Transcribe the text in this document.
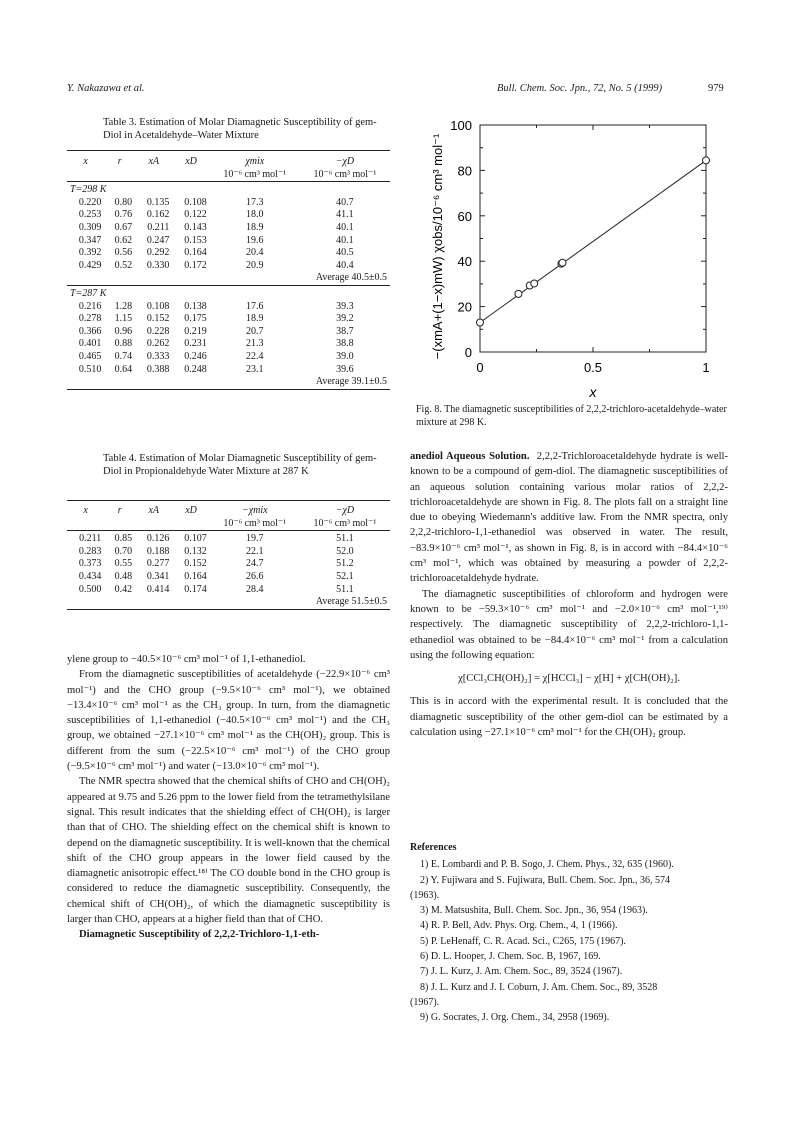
Y. Nakazawa et al.	Bull. Chem. Soc. Jpn., 72, No. 5 (1999)	979
Table 3. Estimation of Molar Diamagnetic Susceptibility of gem-Diol in Acetaldehyde–Water Mixture
x	r	xA	xD	χmix	−χD
				10⁻⁶ cm³ mol⁻¹	10⁻⁶ cm³ mol⁻¹

T=298 K					
0.220	0.80	0.135	0.108	17.3	40.7
0.253	0.76	0.162	0.122	18.0	41.1
0.309	0.67	0.211	0.143	18.9	40.1
0.347	0.62	0.247	0.153	19.6	40.1
0.392	0.56	0.292	0.164	20.4	40.5
0.429	0.52	0.330	0.172	20.9	40.4
Average 40.5±0.5					

T=287 K					
0.216	1.28	0.108	0.138	17.6	39.3
0.278	1.15	0.152	0.175	18.9	39.2
0.366	0.96	0.228	0.219	20.7	38.7
0.401	0.88	0.262	0.231	21.3	38.8
0.465	0.74	0.333	0.246	22.4	39.0
0.510	0.64	0.388	0.248	23.1	39.6
Average 39.1±0.5					

Table 4. Estimation of Molar Diamagnetic Susceptibility of gem-Diol in Propionaldehyde Water Mixture at 287 K
x	r	xA	xD	−χmix	−χD
				10⁻⁶ cm³ mol⁻¹	10⁻⁶ cm³ mol⁻¹

0.211	0.85	0.126	0.107	19.7	51.1
0.283	0.70	0.188	0.132	22.1	52.0
0.373	0.55	0.277	0.152	24.7	51.2
0.434	0.48	0.341	0.164	26.6	52.1
0.500	0.42	0.414	0.174	28.4	51.1
Average 51.5±0.5					

ylene group to −40.5×10⁻⁶ cm³ mol⁻¹ of 1,1-ethanediol.

From the diamagnetic susceptibilities of acetaldehyde (−22.9×10⁻⁶ cm³ mol⁻¹) and the CHO group (−9.5×10⁻⁶ cm³ mol⁻¹), we obtained −13.4×10⁻⁶ cm³ mol⁻¹ as the CH₃ group. In turn, from the diamagnetic susceptibilities of 1,1-ethanediol (−40.5×10⁻⁶ cm³ mol⁻¹) and the CH₃ group, we obtained −27.1×10⁻⁶ cm³ mol⁻¹ as the CH(OH)₂ group. This is different from the sum (−22.5×10⁻⁶ cm³ mol⁻¹) of the CHO group (−9.5×10⁻⁶ cm³ mol⁻¹) and water (−13.0×10⁻⁶ cm³ mol⁻¹).

The NMR spectra showed that the chemical shifts of CHO and CH(OH)₂ appeared at 9.75 and 5.26 ppm to the lower field from the tetramethylsilane signal. This result indicates that the shielding effect of CH(OH)₂ is larger than that of CHO. The shielding effect on the chemical shift is known to depend on the diamagnetic susceptibility. It is well-known that the chemical shift of the CHO group appears in the lower field caused by the diamagnetic anisotropic effect.¹⁸⁾ The CO double bond in the CHO group is considered to reduce the diamagnetic susceptibility. Consequently, the chemical shift of CH(OH)₂, of which the diamagnetic susceptibility is larger than CHO, appears at a higher field than that of CHO.

Diamagnetic Susceptibility of 2,2,2-Trichloro-1,1-eth-

0
20
40
60
80
100
0	0.5	1
x
−(xmA+(1−x)mW) χobs/10⁻⁶ cm³ mol⁻¹
Fig. 8. The diamagnetic susceptibilities of 2,2,2-trichloro-acetaldehyde–water mixture at 298 K.

anediol Aqueous Solution. 2,2,2-Trichloroacetaldehyde hydrate is well-known to be a compound of gem-diol. The diamagnetic susceptibilities of an aqueous solution containing various molar ratios of 2,2,2-trichloroacetaldehyde are shown in Fig. 8. The plots fall on a straight line due to obeying Wiedemann's additive law. From the NMR spectra, only 2,2,2-trichloro-1,1-ethanediol was observed in water. The result, −83.9×10⁻⁶ cm³ mol⁻¹, as shown in Fig. 8, is in accord with −84.4×10⁻⁶ cm³ mol⁻¹, which was obtained by measuring a powder of 2,2,2-trichloroacetaldehyde hydrate.

The diamagnetic susceptibilities of chloroform and hydrogen were known to be −59.3×10⁻⁶ cm³ mol⁻¹ and −2.0×10⁻⁶ cm³ mol⁻¹,¹⁹⁾ respectively. The diamagnetic susceptibility of 2,2,2-trichloro-1,1-ethanediol was obtained to be −84.4×10⁻⁶ cm³ mol⁻¹ from a calculation using the following equation:

χ[CCl₃CH(OH)₂] = χ[HCCl₃] − χ[H] + χ[CH(OH)₂].

This is in accord with the experimental result. It is concluded that the diamagnetic susceptibility of the other gem-diol can be estimated by a calculation using −27.1×10⁻⁶ cm³ mol⁻¹ for the CH(OH)₂ group.

References
1) E. Lombardi and P. B. Sogo, J. Chem. Phys., 32, 635 (1960).
2) Y. Fujiwara and S. Fujiwara, Bull. Chem. Soc. Jpn., 36, 574
(1963).
3) M. Matsushita, Bull. Chem. Soc. Jpn., 36, 954 (1963).
4) R. P. Bell, Adv. Phys. Org. Chem., 4, 1 (1966).
5) P. LeHenaff, C. R. Acad. Sci., C265, 175 (1967).
6) D. L. Hooper, J. Chem. Soc. B, 1967, 169.
7) J. L. Kurz, J. Am. Chem. Soc., 89, 3524 (1967).
8) J. L. Kurz and J. I. Coburn, J. Am. Chem. Soc., 89, 3528
(1967).
9) G. Socrates, J. Org. Chem., 34, 2958 (1969).
